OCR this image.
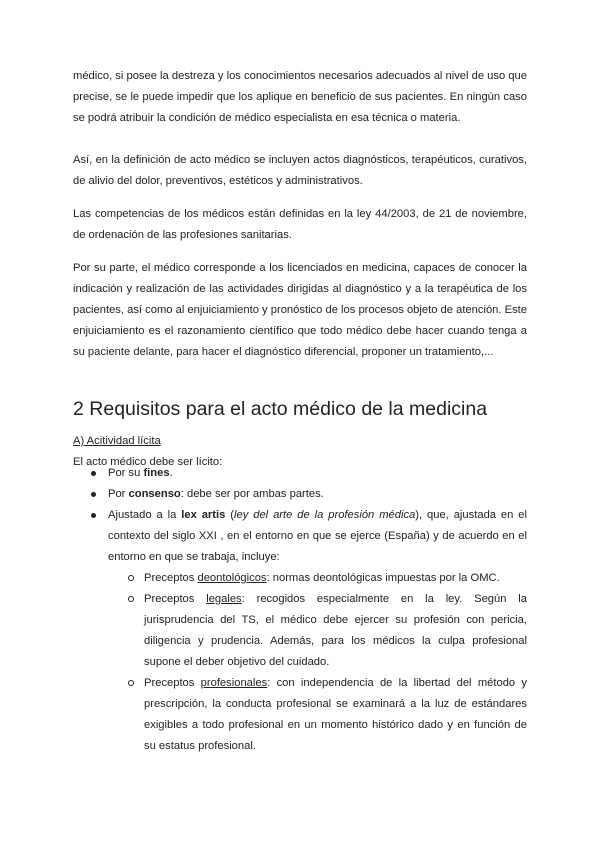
médico, si posee la destreza y los conocimientos necesarios adecuados al nivel de uso que precise, se le puede impedir que los aplique en beneficio de sus pacientes. En ningún caso se podrá atribuir la condición de médico especialista en esa técnica o materia.

Así, en la definición de acto médico se incluyen actos diagnósticos, terapéuticos, curativos, de alivio del dolor, preventivos, estéticos y administrativos.

Las competencias de los médicos están definidas en la ley 44/2003, de 21 de noviembre, de ordenación de las profesiones sanitarias.

Por su parte, el médico corresponde a los licenciados en medicina, capaces de conocer la indicación y realización de las actividades dirigidas al diagnóstico y a la terapéutica de los pacientes, así como al enjuiciamiento y pronóstico de los procesos objeto de atención. Este enjuiciamiento es el razonamiento científico que todo médico debe hacer cuando tenga a su paciente delante, para hacer el diagnóstico diferencial, proponer un tratamiento,...

2 Requisitos para el acto médico de la medicina

A) Acitividad lícita

El acto médico debe ser lícito:

Por su fines.
Por consenso: debe ser por ambas partes.
Ajustado a la lex artis (ley del arte de la profesión médica), que, ajustada en el contexto del siglo XXI , en el entorno en que se ejerce (España) y de acuerdo en el entorno en que se trabaja, incluye:
Preceptos deontológicos: normas deontológicas impuestas por la OMC.
Preceptos legales: recogidos especialmente en la ley. Según la jurisprudencia del TS, el médico debe ejercer su profesión con pericia, diligencia y prudencia. Además, para los médicos la culpa profesional supone el deber objetivo del cuidado.
Preceptos profesionales: con independencia de la libertad del método y prescripción, la conducta profesional se examinará a la luz de estándares exigibles a todo profesional en un momento histórico dado y en función de su estatus profesional.
